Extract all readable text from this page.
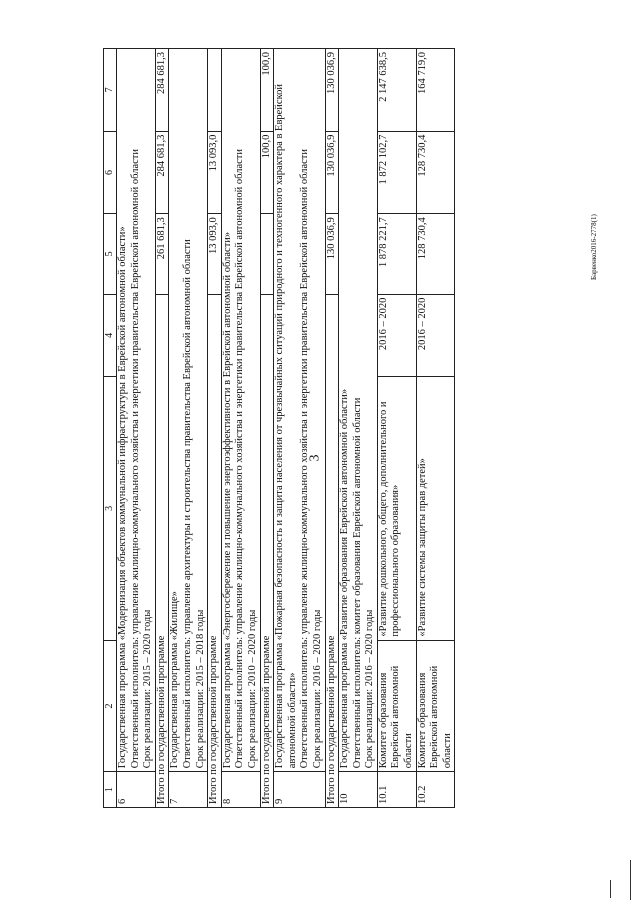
3
Барвенко2016-2778(1)
1	2	3	4	5	6	7
6	Государственная программа «Модернизация объектов коммунальной инфраструктуры в Еврейской автономной области» Ответственный исполнитель: управление жилищно-коммунального хозяйства и энергетики правительства Еврейской автономной области Срок реализации: 2015 – 2020 годы					

Итого по государственной программе				261 681,3	284 681,3	284 681,3
7	Государственная программа «Жилище» Ответственный исполнитель: управление архитектуры и строительства правительства Еврейской автономной области Срок реализации: 2015 – 2018 годы					

Итого по государственной программе				13 093,0	13 093,0	
8	Государственная программа «Энергосбережение и повышение энергоэффективности в Еврейской автономной области» Ответственный исполнитель: управление жилищно-коммунального хозяйства и энергетики правительства Еврейской автономной области Срок реализации: 2010 – 2020 годы					

Итого по государственной программе					100,0	100,0
9	Государственная программа «Пожарная безопасность и защита населения от чрезвычайных ситуаций природного и техногенного характера в Еврейской автономной области» Ответственный исполнитель: управление жилищно-коммунального хозяйства и энергетики правительства Еврейской автономной области Срок реализации: 2016 – 2020 годы					

Итого по государственной программе				130 036,9	130 036,9	130 036,9
10	Государственная программа «Развитие образования Еврейской автономной области» Ответственный исполнитель: комитет образования Еврейской автономной области Срок реализации: 2016 – 2020 годы					

10.1	Комитет образования Еврейской автономной области	«Развитие дошкольного, общего, дополнительного и профессионального образования»	2016 – 2020	1 878 221,7	1 872 102,7	2 147 638,5
10.2	Комитет образования Еврейской автономной области	«Развитие системы защиты прав детей»	2016 – 2020	128 730,4	128 730,4	164 719,0
